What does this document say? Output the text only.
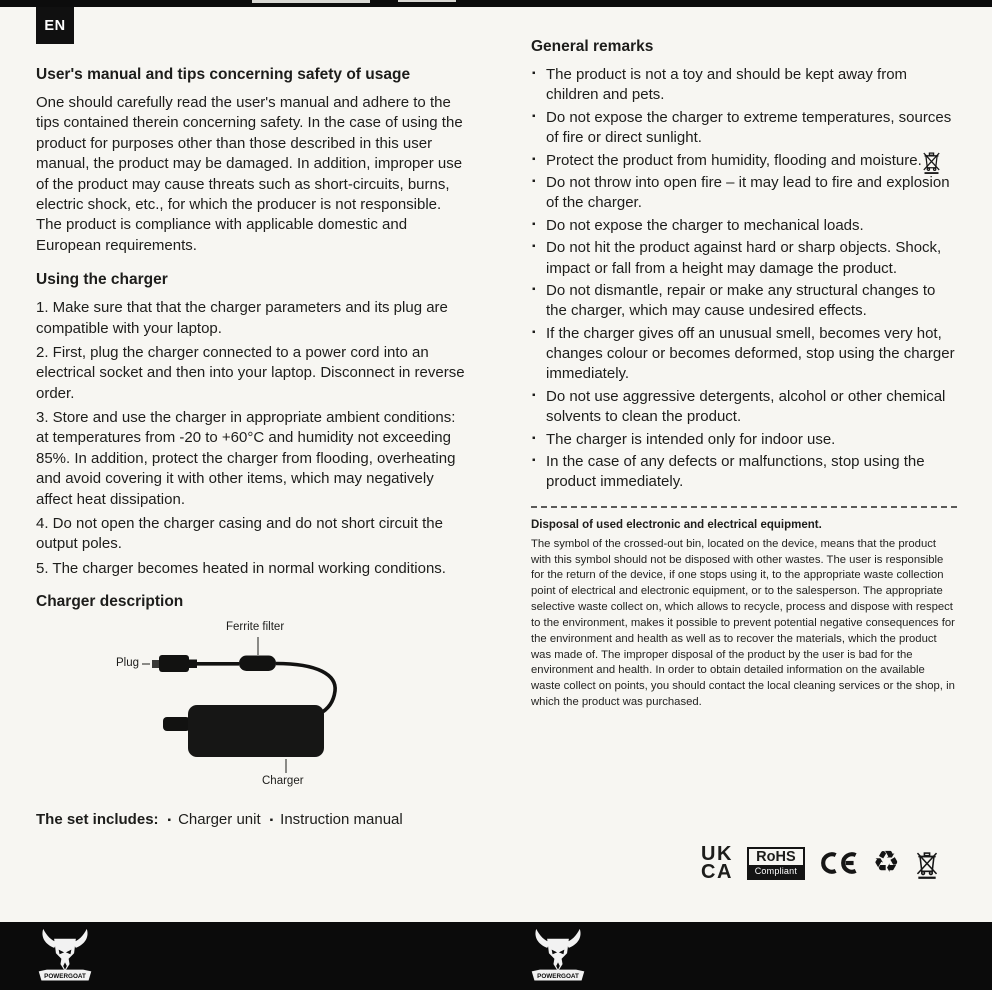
EN
User's manual and tips concerning safety of usage

One should carefully read the user's manual and adhere to the tips contained therein concerning safety. In the case of using the product for purposes other than those described in this user manual, the product may be damaged. In addition, improper use of the product may cause threats such as short-circuits, burns, electric shock, etc., for which the producer is not responsible. The product is compliance with applicable domestic and European requirements.

Using the charger

1. Make sure that that the charger parameters and its plug are compatible with your laptop.

2. First, plug the charger connected to a power cord into an electrical socket and then into your laptop. Disconnect in reverse order.

3. Store and use the charger in appropriate ambient conditions: at temperatures from -20 to +60°C and humidity not exceeding 85%. In addition, protect the charger from flooding, overheating and avoid covering it with other items, which may negatively affect heat dissipation.

4. Do not open the charger casing and do not short circuit the output poles.

5. The charger becomes heated in normal working conditions.

Charger description
Ferrite filter
Plug
Charger

The set includes: ▪ Charger unit ▪ Instruction manual

General remarks
▪ The product is not a toy and should be kept away from children and pets.
▪ Do not expose the charger to extreme temperatures, sources of fire or direct sunlight.
▪ Protect the product from humidity, flooding and moisture.
▪ Do not throw into open fire – it may lead to fire and explosion of the charger.
▪ Do not expose the charger to mechanical loads.
▪ Do not hit the product against hard or sharp objects. Shock, impact or fall from a height may damage the product.
▪ Do not dismantle, repair or make any structural changes to the charger, which may cause undesired effects.
▪ If the charger gives off an unusual smell, becomes very hot, changes colour or becomes deformed, stop using the charger immediately.
▪ Do not use aggressive detergents, alcohol or other chemical solvents to clean the product.
▪ The charger is intended only for indoor use.
▪ In the case of any defects or malfunctions, stop using the product immediately.
Disposal of used electronic and electrical equipment.

The symbol of the crossed-out bin, located on the device, means that the product with this symbol should not be disposed with other wastes. The user is responsible for the return of the device, if one stops using it, to the appropriate waste collection point of electrical and electronic equipment, or to the salesperson. The appropriate selective waste collect on, which allows to recycle, process and dispose with respect to the environment, makes it possible to prevent potential negative consequences for the environment and health as well as to recover the materials, which the product was made of. The improper disposal of the product by the user is bad for the environment and health. In order to obtain detailed information on the available waste collect on points, you should contact the local cleaning services or the shop, in which the product was purchased.

UK
CA
RoHS
Compliant	♻
POWERGOAT	POWERGOAT
